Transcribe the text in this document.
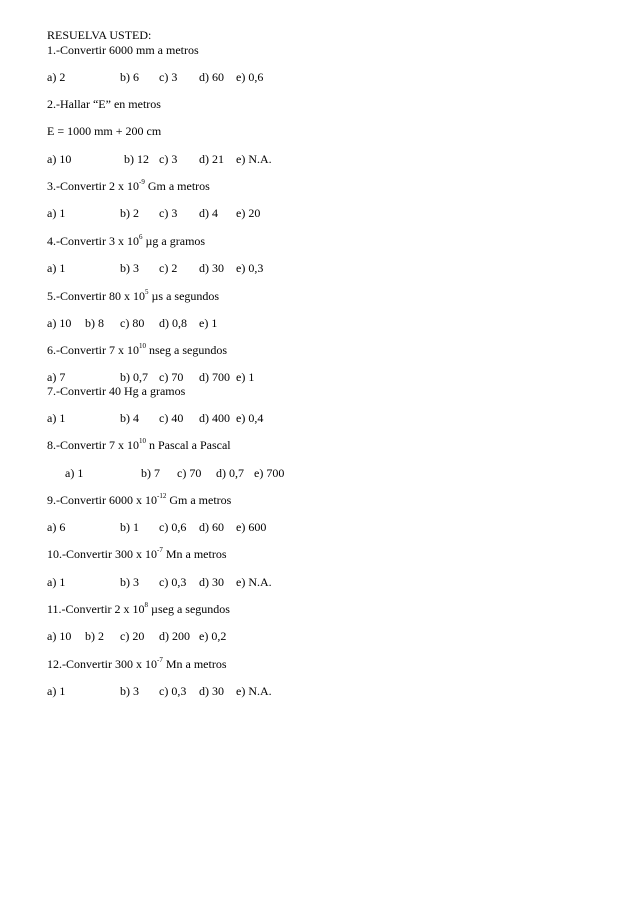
RESUELVA USTED:

1.-Convertir 6000 mm a metros

a) 2	b) 6 c) 3 d) 60 e) 0,6

2.-Hallar “E” en metros

E = 1000 mm + 200 cm

a) 10	b) 12 c) 3 d) 21 e) N.A.

3.-Convertir 2 x $10^{-9}$ Gm a metros

a) 1	b) 2 c) 3 d) 4 e) 20

4.-Convertir 3 x $10^6$ µg a gramos

a) 1	b) 3 c) 2 d) 30 e) 0,3

5.-Convertir 80 x $10^5$ µs a segundos

a) 10 b) 8 c) 80 d) 0,8 e) 1

6.-Convertir 7 x $10^{10}$ nseg a segundos

a) 7	b) 0,7 c) 70 d) 700 e) 1

7.-Convertir 40 Hg a gramos

a) 1	b) 4 c) 40 d) 400 e) 0,4

8.-Convertir 7 x $10^{10}$ n Pascal a Pascal

a) 1	b) 7 c) 70 d) 0,7 e) 700

9.-Convertir 6000 x $10^{-12}$ Gm a metros

a) 6	b) 1 c) 0,6 d) 60 e) 600

10.-Convertir 300 x $10^{-7}$ Mn a metros

a) 1	b) 3 c) 0,3 d) 30 e) N.A.

11.-Convertir 2 x $10^8$ µseg a segundos

a) 10 b) 2 c) 20 d) 200 e) 0,2

12.-Convertir 300 x $10^{-7}$ Mn a metros

a) 1	b) 3 c) 0,3 d) 30 e) N.A.
